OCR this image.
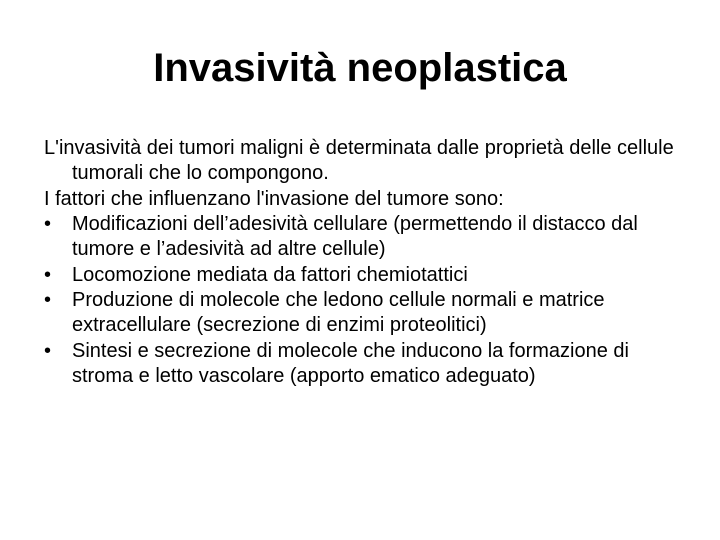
Invasività neoplastica

L'invasività dei tumori maligni è determinata dalle proprietà delle cellule tumorali che lo compongono.

I fattori che influenzano l'invasione del tumore sono:

•	Modificazioni dell’adesività cellulare (permettendo il distacco dal tumore e l’adesività ad altre cellule)
•	Locomozione mediata da fattori chemiotattici
•	Produzione di molecole che ledono cellule normali e matrice extracellulare (secrezione di enzimi proteolitici)
•	Sintesi e secrezione di molecole che inducono la formazione di stroma e letto vascolare (apporto ematico adeguato)
